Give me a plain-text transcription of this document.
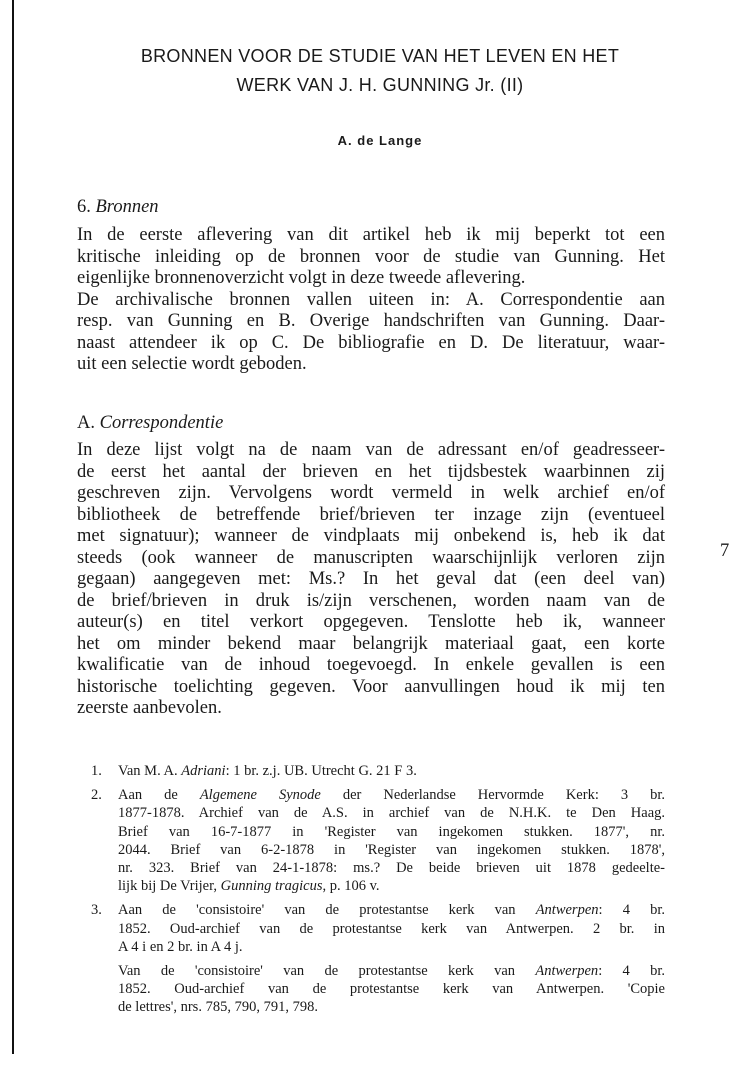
BRONNEN VOOR DE STUDIE VAN HET LEVEN EN HET
WERK VAN J. H. GUNNING Jr. (II)

A. de Lange

6. Bronnen

In de eerste aflevering van dit artikel heb ik mij beperkt tot een
kritische inleiding op de bronnen voor de studie van Gunning. Het
eigenlijke bronnenoverzicht volgt in deze tweede aflevering.
De archivalische bronnen vallen uiteen in: A. Correspondentie aan
resp. van Gunning en B. Overige handschriften van Gunning. Daar-
naast attendeer ik op C. De bibliografie en D. De literatuur, waar-
uit een selectie wordt geboden.

A. Correspondentie

In deze lijst volgt na de naam van de adressant en/of geadresseer-
de eerst het aantal der brieven en het tijdsbestek waarbinnen zij
geschreven zijn. Vervolgens wordt vermeld in welk archief en/of
bibliotheek de betreffende brief/brieven ter inzage zijn (eventueel
met signatuur); wanneer de vindplaats mij onbekend is, heb ik dat
steeds (ook wanneer de manuscripten waarschijnlijk verloren zijn
gegaan) aangegeven met: Ms.? In het geval dat (een deel van)
de brief/brieven in druk is/zijn verschenen, worden naam van de
auteur(s) en titel verkort opgegeven. Tenslotte heb ik, wanneer
het om minder bekend maar belangrijk materiaal gaat, een korte
kwalificatie van de inhoud toegevoegd. In enkele gevallen is een
historische toelichting gegeven. Voor aanvullingen houd ik mij ten
zeerste aanbevolen.

7
1. Van M. A. Adriani: 1 br. z.j. UB. Utrecht G. 21 F 3.
2. Aan de Algemene Synode der Nederlandse Hervormde Kerk: 3 br.
1877-1878. Archief van de A.S. in archief van de N.H.K. te Den Haag.
Brief van 16-7-1877 in 'Register van ingekomen stukken. 1877', nr.
2044. Brief van 6-2-1878 in 'Register van ingekomen stukken. 1878',
nr. 323. Brief van 24-1-1878: ms.? De beide brieven uit 1878 gedeelte-
lijk bij De Vrijer, Gunning tragicus, p. 106 v.
3. Aan de 'consistoire' van de protestantse kerk van Antwerpen: 4 br.
1852. Oud-archief van de protestantse kerk van Antwerpen. 2 br. in
A 4 i en 2 br. in A 4 j.
Van de 'consistoire' van de protestantse kerk van Antwerpen: 4 br.
1852. Oud-archief van de protestantse kerk van Antwerpen. 'Copie
de lettres', nrs. 785, 790, 791, 798.
